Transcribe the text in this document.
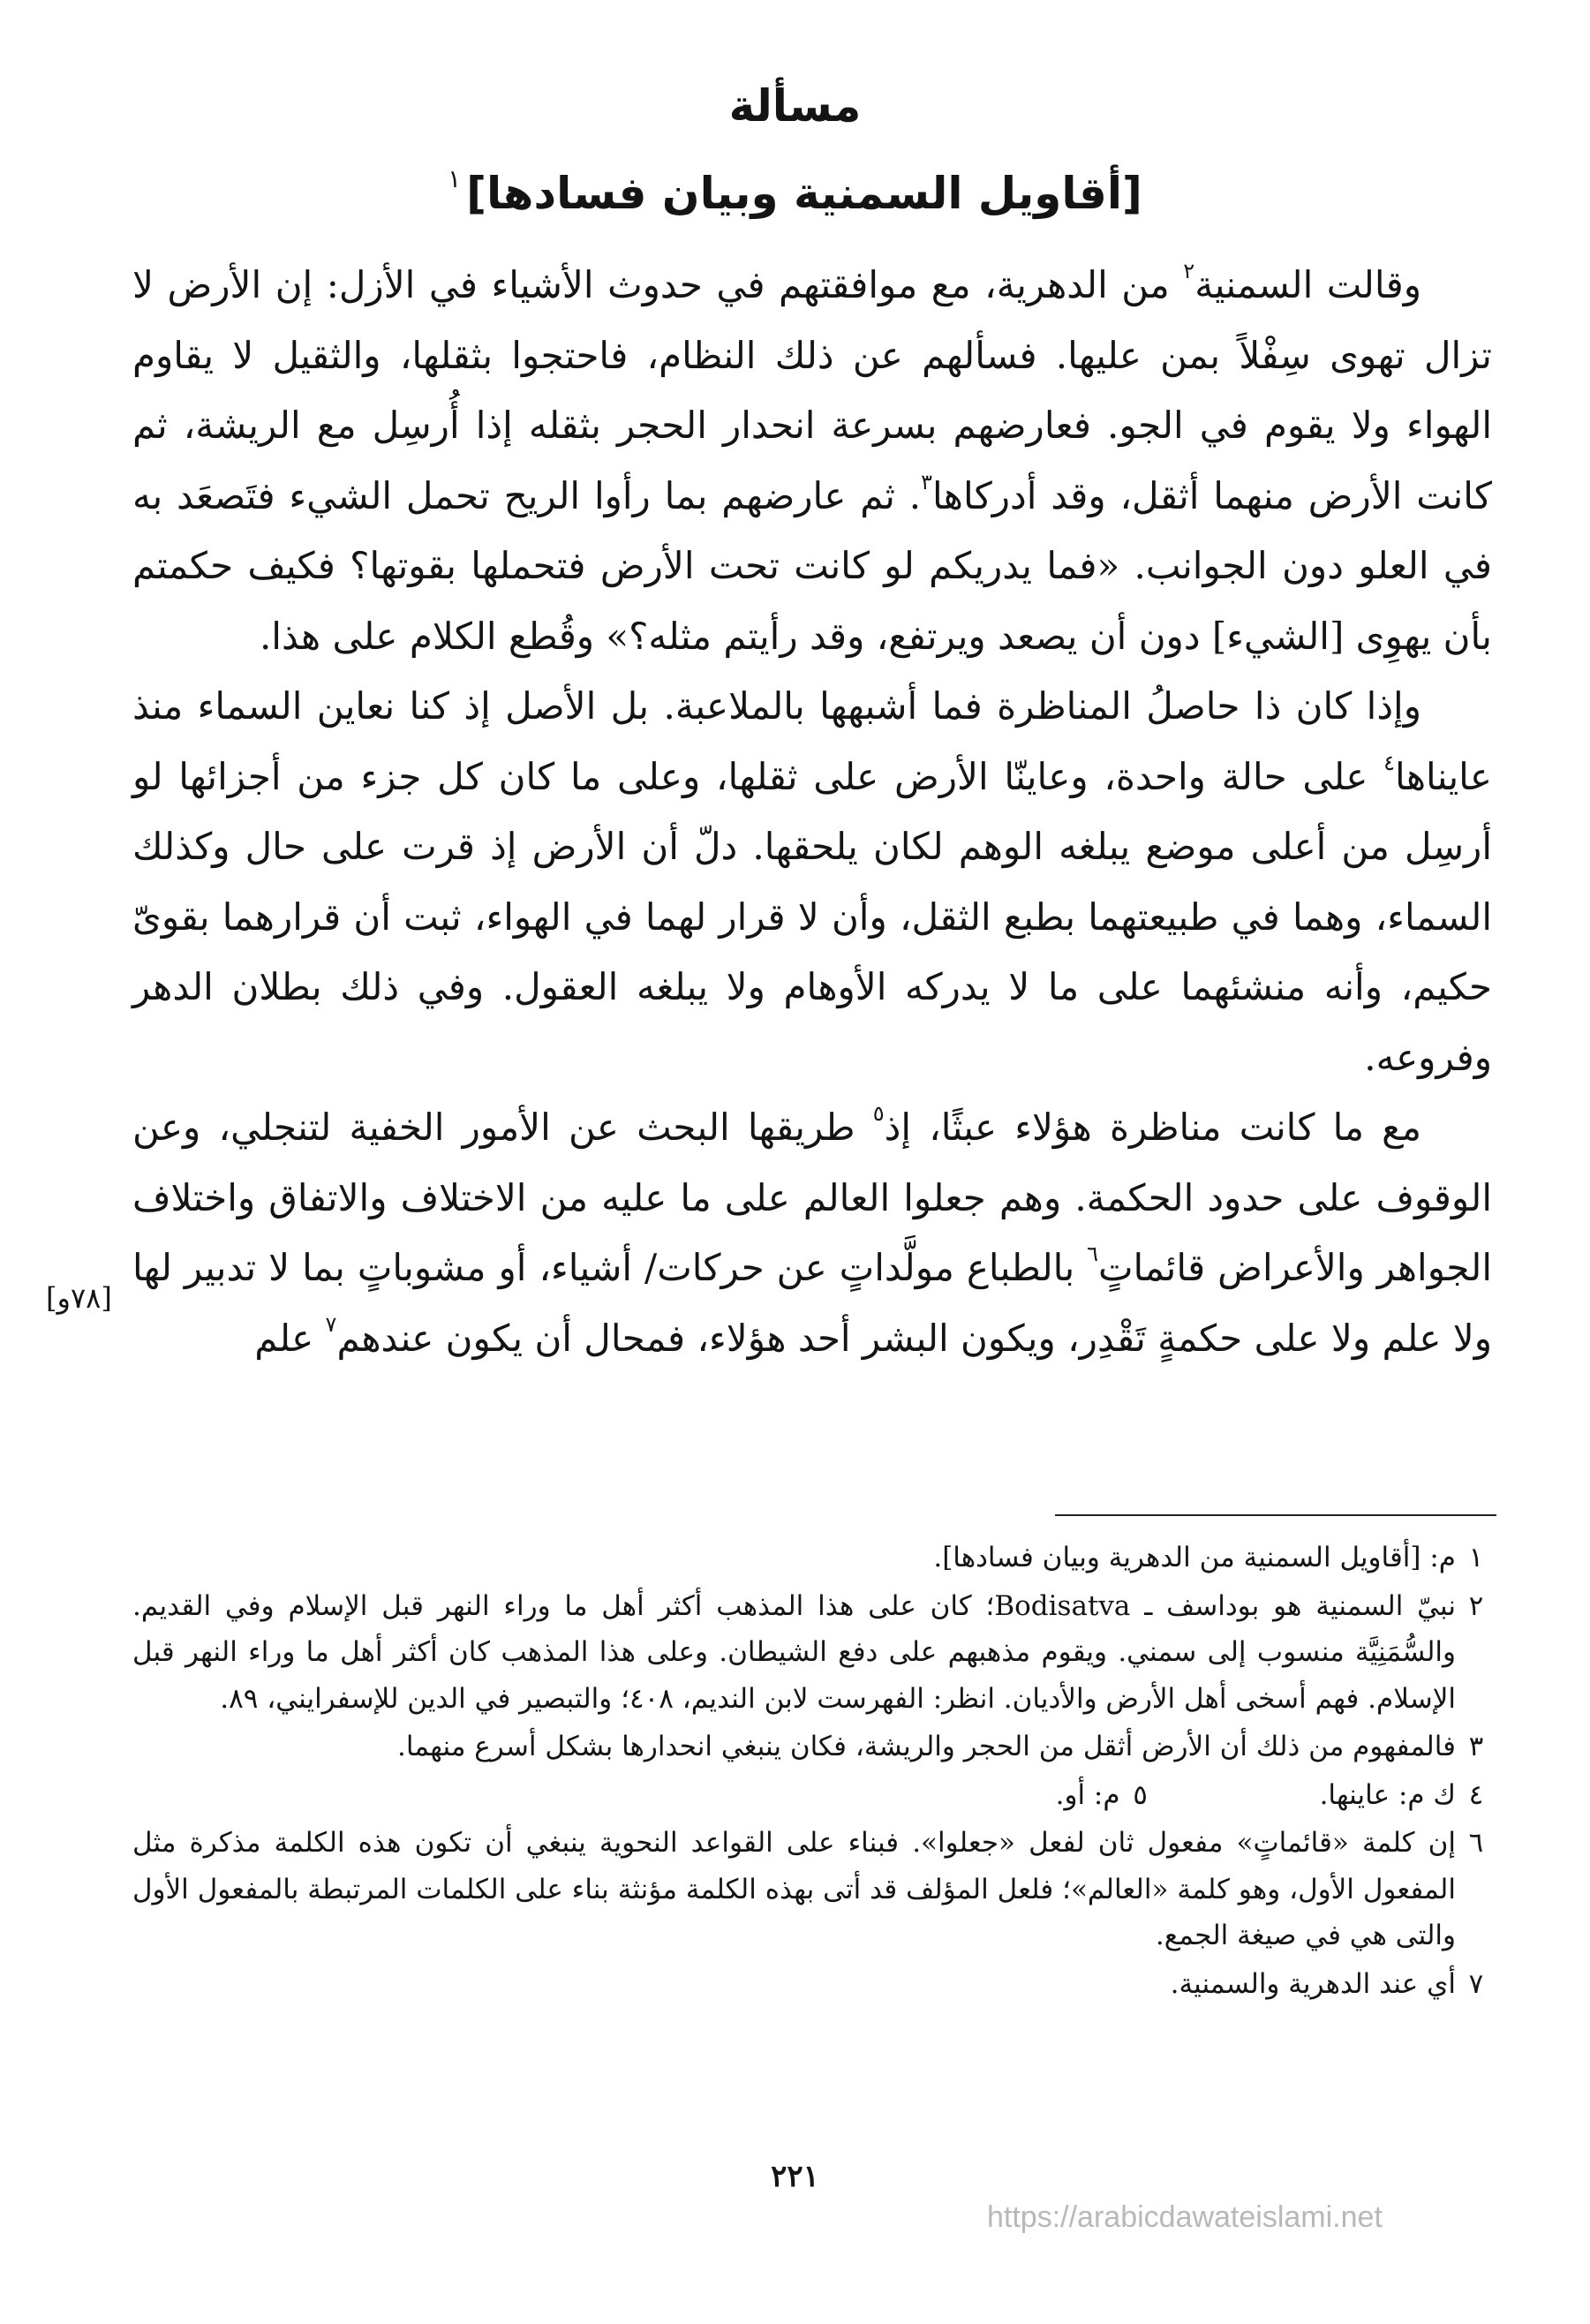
مسألة
[أقاويل السمنية وبيان فسادها]$^١$

وقالت السمنية$^٢$ من الدهرية، مع موافقتهم في حدوث الأشياء في الأزل: إن الأرض لا تزال تهوى سِفْلاً بمن عليها. فسألهم عن ذلك النظام، فاحتجوا بثقلها، والثقيل لا يقاوم الهواء ولا يقوم في الجو. فعارضهم بسرعة انحدار الحجر بثقله إذا أُرسِل مع الريشة، ثم كانت الأرض منهما أثقل، وقد أدركاها$^٣$. ثم عارضهم بما رأوا الريح تحمل الشيء فتَصعَد به في العلو دون الجوانب. «فما يدريكم لو كانت تحت الأرض فتحملها بقوتها؟ فكيف حكمتم بأن يهوِى [الشيء] دون أن يصعد ويرتفع، وقد رأيتم مثله؟» وقُطع الكلام على هذا.

وإذا كان ذا حاصلُ المناظرة فما أشبهها بالملاعبة. بل الأصل إذ كنا نعاين السماء منذ عايناها$^٤$ على حالة واحدة، وعاينّا الأرض على ثقلها، وعلى ما كان كل جزء من أجزائها لو أرسِل من أعلى موضع يبلغه الوهم لكان يلحقها. دلّ أن الأرض إذ قرت على حال وكذلك السماء، وهما في طبيعتهما بطبع الثقل، وأن لا قرار لهما في الهواء، ثبت أن قرارهما بقوىّ حكيم، وأنه منشئهما على ما لا يدركه الأوهام ولا يبلغه العقول. وفي ذلك بطلان الدهر وفروعه.

مع ما كانت مناظرة هؤلاء عبثًا، إذ$^٥$ طريقها البحث عن الأمور الخفية لتنجلي، وعن الوقوف على حدود الحكمة. وهم جعلوا العالم على ما عليه من الاختلاف والاتفاق واختلاف الجواهر والأعراض قائماتٍ$^٦$ بالطباع مولَّداتٍ عن حركات/ أشياء، أو مشوباتٍ بما لا تدبير لها ولا علم ولا على حكمةٍ تَقْدِر، ويكون البشر أحد هؤلاء، فمحال أن يكون عندهم$^٧$ علم

[٧٨و]
١
م: [أقاويل السمنية من الدهرية وبيان فسادها].
٢
نبيّ السمنية هو بوداسف ـ Bodisatva؛ كان على هذا المذهب أكثر أهل ما وراء النهر قبل الإسلام وفي القديم. والسُّمَنِيَّة منسوب إلى سمني. ويقوم مذهبهم على دفع الشيطان. وعلى هذا المذهب كان أكثر أهل ما وراء النهر قبل الإسلام. فهم أسخى أهل الأرض والأديان. انظر: الفهرست لابن النديم، ٤٠٨؛ والتبصير في الدين للإسفرايني، ٨٩.
٣
فالمفهوم من ذلك أن الأرض أثقل من الحجر والريشة، فكان ينبغي انحدارها بشكل أسرع منهما.
٤
ك م: عاينها.٥م: أو.
٦
إن كلمة «قائماتٍ» مفعول ثان لفعل «جعلوا». فبناء على القواعد النحوية ينبغي أن تكون هذه الكلمة مذكرة مثل المفعول الأول، وهو كلمة «العالم»؛ فلعل المؤلف قد أتى بهذه الكلمة مؤنثة بناء على الكلمات المرتبطة بالمفعول الأول والتى هي في صيغة الجمع.
٧
أي عند الدهرية والسمنية.
٢٢١
https://arabicdawateislami.net
